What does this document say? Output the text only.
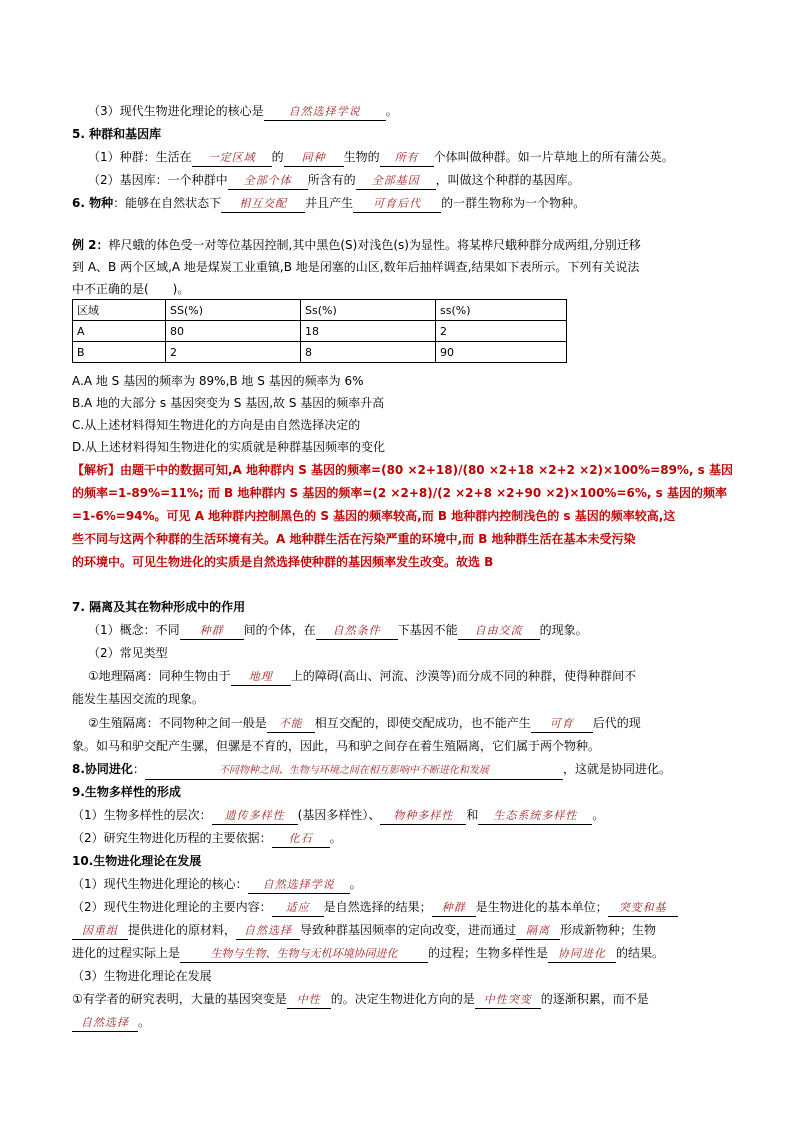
（3）现代生物进化理论的核心是 自然选择学说 。
5. 种群和基因库
（1）种群：生活在 一定区域 的 同种 生物的 所有 个体叫做种群。如一片草地上的所有蒲公英。
（2）基因库：一个种群中 全部个体 所含有的 全部基因 ，叫做这个种群的基因库。
6. 物种：能够在自然状态下 相互交配 并且产生 可育后代 的一群生物称为一个物种。
例 2：桦尺蛾的体色受一对等位基因控制,其中黑色(S)对浅色(s)为显性。将某桦尺蛾种群分成两组,分别迁移
到 A、B 两个区域,A 地是煤炭工业重镇,B 地是闭塞的山区,数年后抽样调查,结果如下表所示。下列有关说法
中不正确的是(　　)。
区域	SS(%)	Ss(%)	ss(%)
A	80	18	2
B	2	8	90
A.A 地 S 基因的频率为 89%,B 地 S 基因的频率为 6%
B.A 地的大部分 s 基因突变为 S 基因,故 S 基因的频率升高
C.从上述材料得知生物进化的方向是由自然选择决定的
D.从上述材料得知生物进化的实质就是种群基因频率的变化
【解析】由题干中的数据可知,A 地种群内 S 基因的频率=(80 ×2+18)/(80 ×2+18 ×2+2 ×2)×100%=89%, s 基因
的频率=1-89%=11%; 而 B 地种群内 S 基因的频率=(2 ×2+8)/(2 ×2+8 ×2+90 ×2)×100%=6%, s 基因的频率
=1-6%=94%。可见 A 地种群内控制黑色的 S 基因的频率较高,而 B 地种群内控制浅色的 s 基因的频率较高,这
些不同与这两个种群的生活环境有关。A 地种群生活在污染严重的环境中,而 B 地种群生活在基本未受污染
的环境中。可见生物进化的实质是自然选择使种群的基因频率发生改变。故选 B
7. 隔离及其在物种形成中的作用
（1）概念：不同 种群 间的个体，在 自然条件 下基因不能 自由交流 的现象。
（2）常见类型
①地理隔离：同种生物由于 地理 上的障碍(高山、河流、沙漠等)而分成不同的种群，使得种群间不
能发生基因交流的现象。
②生殖隔离：不同物种之间一般是 不能 相互交配的，即使交配成功，也不能产生 可育 后代的现
象。如马和驴交配产生骡，但骡是不育的，因此，马和驴之间存在着生殖隔离，它们属于两个物种。
8.协同进化：	不同物种之间、生物与环境之间在相互影响中不断进化和发展	，这就是协同进化。
9.生物多样性的形成
（1）生物多样性的层次： 遗传多样性 (基因多样性）、 物种多样性 和 生态系统多样性 。
（2）研究生物进化历程的主要依据： 化石 。
10.生物进化理论在发展
（1）现代生物进化理论的核心： 自然选择学说 。
（2）现代生物进化理论的主要内容： 适应 是自然选择的结果； 种群 是生物进化的基本单位； 突变和基
因重组 提供进化的原材料， 自然选择 导致种群基因频率的定向改变，进而通过 隔离 形成新物种；生物
进化的过程实际上是	生物与生物、生物与无机环境协同进化	的过程；生物多样性是 协同进化 的结果。
（3）生物进化理论在发展
①有学者的研究表明，大量的基因突变是 中性 的。决定生物进化方向的是 中性突变 的逐渐积累，而不是
自然选择 。
